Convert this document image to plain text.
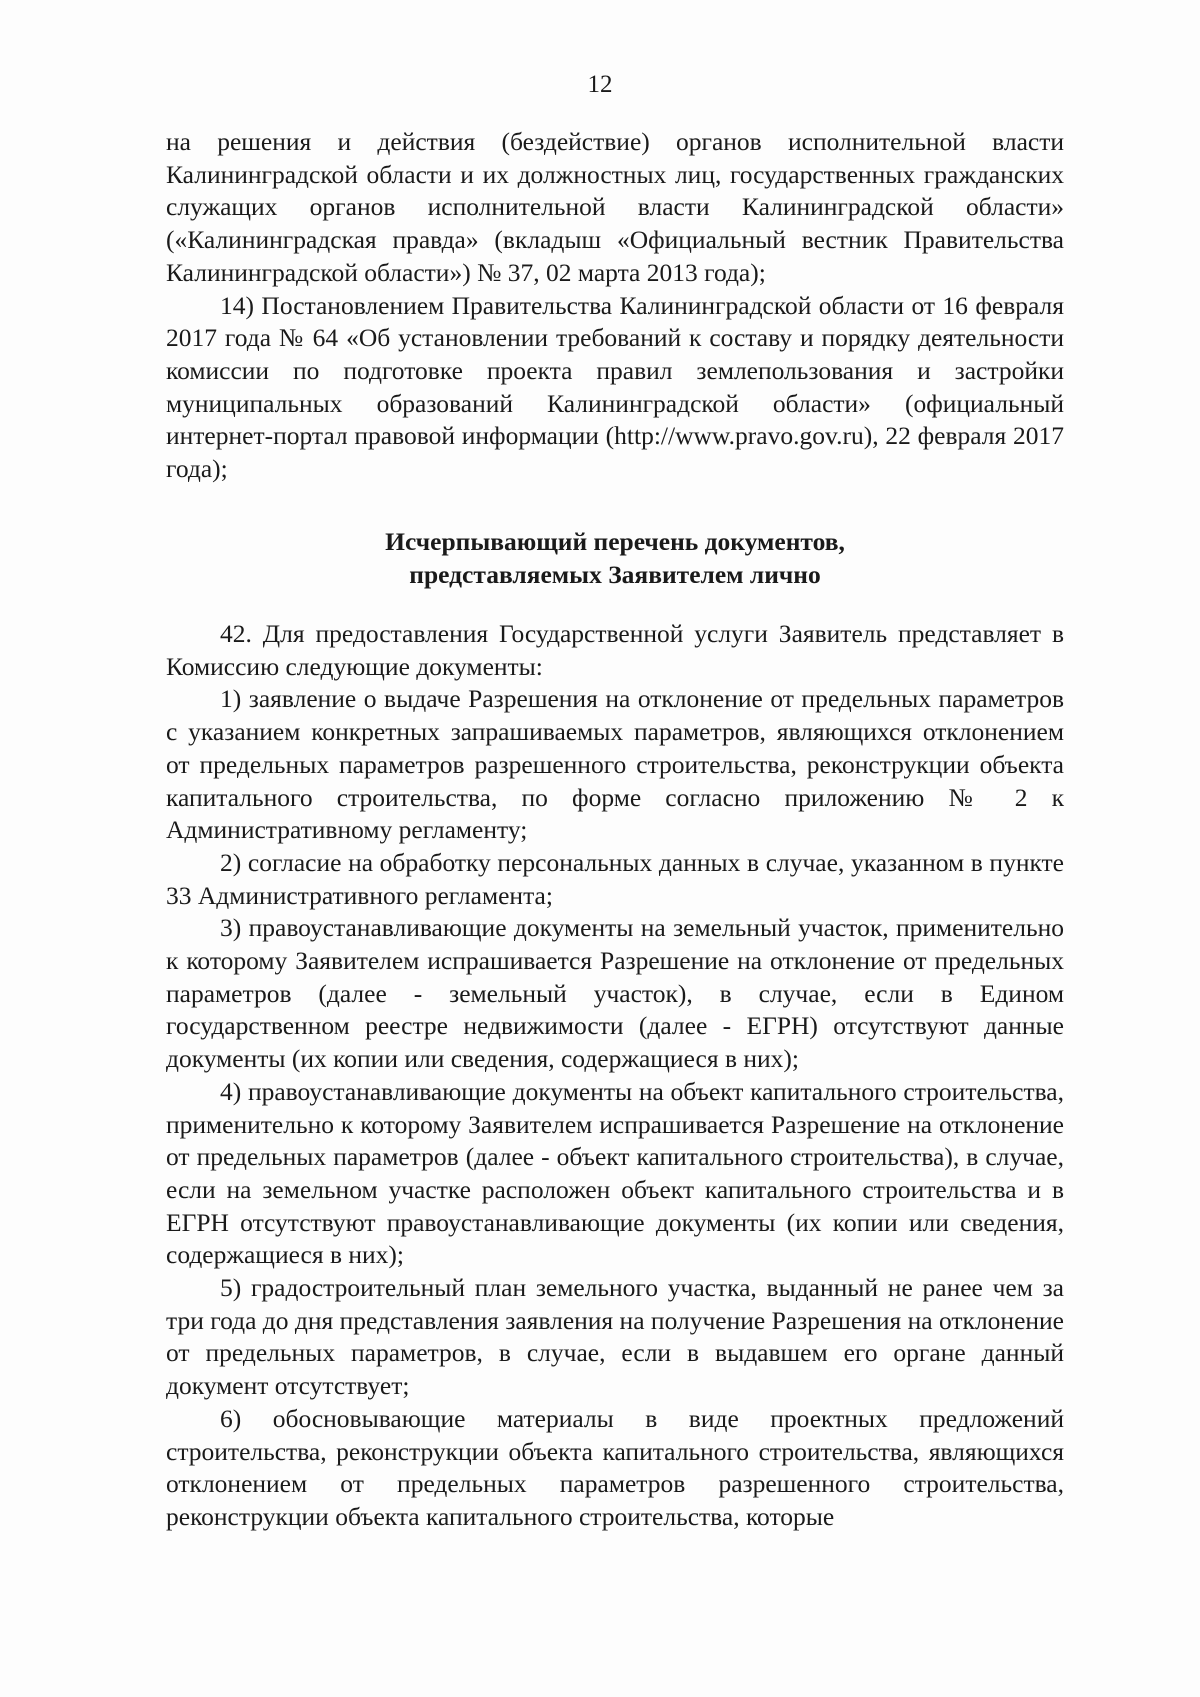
12

на решения и действия (бездействие) органов исполнительной власти Калининградской области и их должностных лиц, государственных гражданских служащих органов исполнительной власти Калининградской области» («Калининградская правда» (вкладыш «Официальный вестник Правительства Калининградской области») № 37, 02 марта 2013 года);

14) Постановлением Правительства Калининградской области от 16 февраля 2017 года № 64 «Об установлении требований к составу и порядку деятельности комиссии по подготовке проекта правил землепользования и застройки муниципальных образований Калининградской области» (официальный интернет-портал правовой информации (http://www.pravo.gov.ru), 22 февраля 2017 года);

Исчерпывающий перечень документов,
представляемых Заявителем лично

42. Для предоставления Государственной услуги Заявитель представляет в Комиссию следующие документы:

1) заявление о выдаче Разрешения на отклонение от предельных параметров с указанием конкретных запрашиваемых параметров, являющихся отклонением от предельных параметров разрешенного строительства, реконструкции объекта капитального строительства, по форме согласно приложению № 2 к Административному регламенту;

2) согласие на обработку персональных данных в случае, указанном в пункте 33 Административного регламента;

3) правоустанавливающие документы на земельный участок, применительно к которому Заявителем испрашивается Разрешение на отклонение от предельных параметров (далее - земельный участок), в случае, если в Едином государственном реестре недвижимости (далее - ЕГРН) отсутствуют данные документы (их копии или сведения, содержащиеся в них);

4) правоустанавливающие документы на объект капитального строительства, применительно к которому Заявителем испрашивается Разрешение на отклонение от предельных параметров (далее - объект капитального строительства), в случае, если на земельном участке расположен объект капитального строительства и в ЕГРН отсутствуют правоустанавливающие документы (их копии или сведения, содержащиеся в них);

5) градостроительный план земельного участка, выданный не ранее чем за три года до дня представления заявления на получение Разрешения на отклонение от предельных параметров, в случае, если в выдавшем его органе данный документ отсутствует;

6) обосновывающие материалы в виде проектных предложений строительства, реконструкции объекта капитального строительства, являющихся отклонением от предельных параметров разрешенного строительства, реконструкции объекта капитального строительства, которые
